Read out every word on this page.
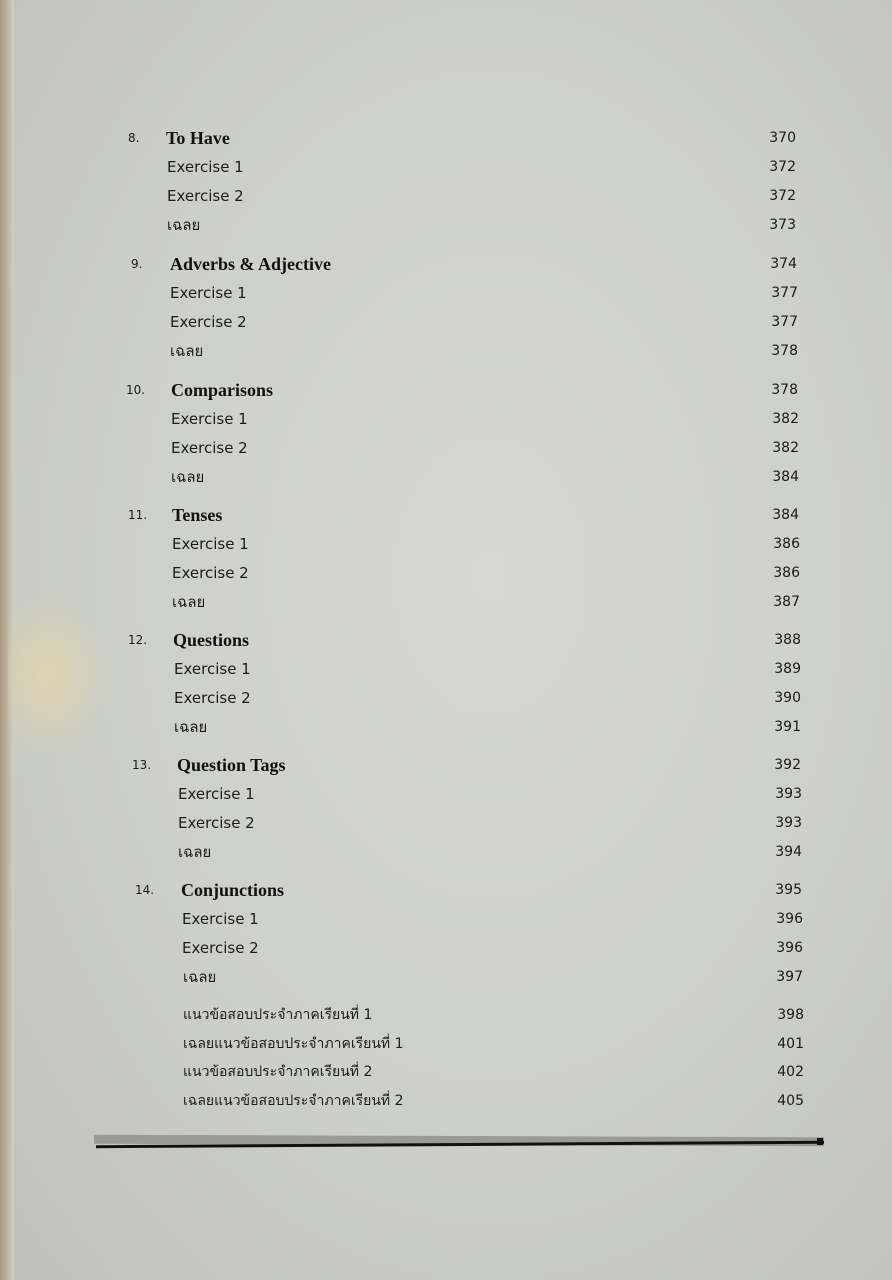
8. To Have	370
Exercise 1	372
Exercise 2	372
เฉลย	373
9. Adverbs & Adjective	374
Exercise 1	377
Exercise 2	377
เฉลย	378
10. Comparisons	378
Exercise 1	382
Exercise 2	382
เฉลย	384
11. Tenses	384
Exercise 1	386
Exercise 2	386
เฉลย	387
12. Questions	388
Exercise 1	389
Exercise 2	390
เฉลย	391
13. Question Tags	392
Exercise 1	393
Exercise 2	393
เฉลย	394
14. Conjunctions	395
Exercise 1	396
Exercise 2	396
เฉลย	397
แนวข้อสอบประจำภาคเรียนที่ 1	398
เฉลยแนวข้อสอบประจำภาคเรียนที่ 1	401
แนวข้อสอบประจำภาคเรียนที่ 2	402
เฉลยแนวข้อสอบประจำภาคเรียนที่ 2	405
